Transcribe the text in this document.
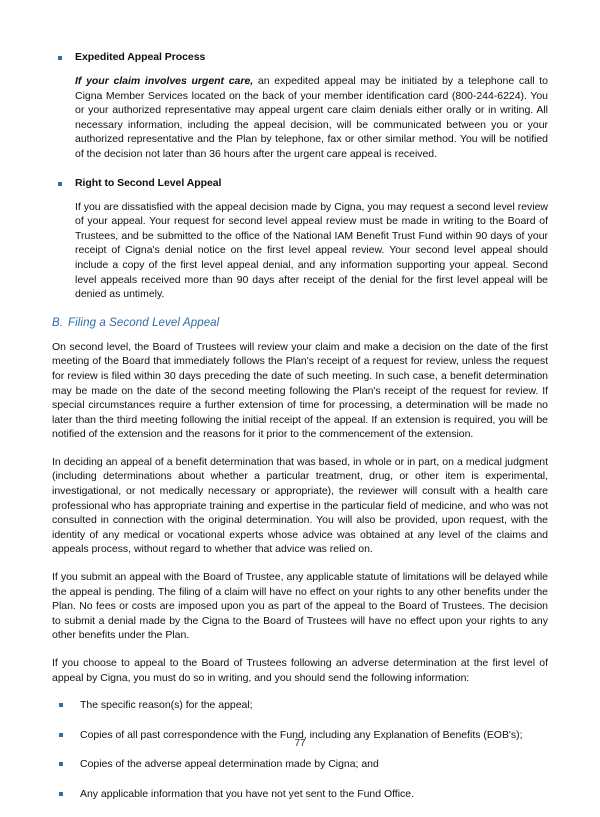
Expedited Appeal Process

If your claim involves urgent care, an expedited appeal may be initiated by a telephone call to Cigna Member Services located on the back of your member identification card (800-244-6224). You or your authorized representative may appeal urgent care claim denials either orally or in writing. All necessary information, including the appeal decision, will be communicated between you or your authorized representative and the Plan by telephone, fax or other similar method. You will be notified of the decision not later than 36 hours after the urgent care appeal is received.

Right to Second Level Appeal

If you are dissatisfied with the appeal decision made by Cigna, you may request a second level review of your appeal. Your request for second level appeal review must be made in writing to the Board of Trustees, and be submitted to the office of the National IAM Benefit Trust Fund within 90 days of your receipt of Cigna's denial notice on the first level appeal review. Your second level appeal should include a copy of the first level appeal denial, and any information supporting your appeal. Second level appeals received more than 90 days after receipt of the denial for the first level appeal will be denied as untimely.

B. Filing a Second Level Appeal

On second level, the Board of Trustees will review your claim and make a decision on the date of the first meeting of the Board that immediately follows the Plan's receipt of a request for review, unless the request for review is filed within 30 days preceding the date of such meeting. In such case, a benefit determination may be made on the date of the second meeting following the Plan's receipt of the request for review. If special circumstances require a further extension of time for processing, a determination will be made no later than the third meeting following the initial receipt of the appeal. If an extension is required, you will be notified of the extension and the reasons for it prior to the commencement of the extension.

In deciding an appeal of a benefit determination that was based, in whole or in part, on a medical judgment (including determinations about whether a particular treatment, drug, or other item is experimental, investigational, or not medically necessary or appropriate), the reviewer will consult with a health care professional who has appropriate training and expertise in the particular field of medicine, and who was not consulted in connection with the original determination. You will also be provided, upon request, with the identity of any medical or vocational experts whose advice was obtained at any level of the claims and appeals process, without regard to whether that advice was relied on.

If you submit an appeal with the Board of Trustee, any applicable statute of limitations will be delayed while the appeal is pending. The filing of a claim will have no effect on your rights to any other benefits under the Plan. No fees or costs are imposed upon you as part of the appeal to the Board of Trustees. The decision to submit a denial made by the Cigna to the Board of Trustees will have no effect upon your rights to any other benefits under the Plan.

If you choose to appeal to the Board of Trustees following an adverse determination at the first level of appeal by Cigna, you must do so in writing, and you should send the following information:

The specific reason(s) for the appeal;
Copies of all past correspondence with the Fund, including any Explanation of Benefits (EOB's);
Copies of the adverse appeal determination made by Cigna; and
Any applicable information that you have not yet sent to the Fund Office.
77
